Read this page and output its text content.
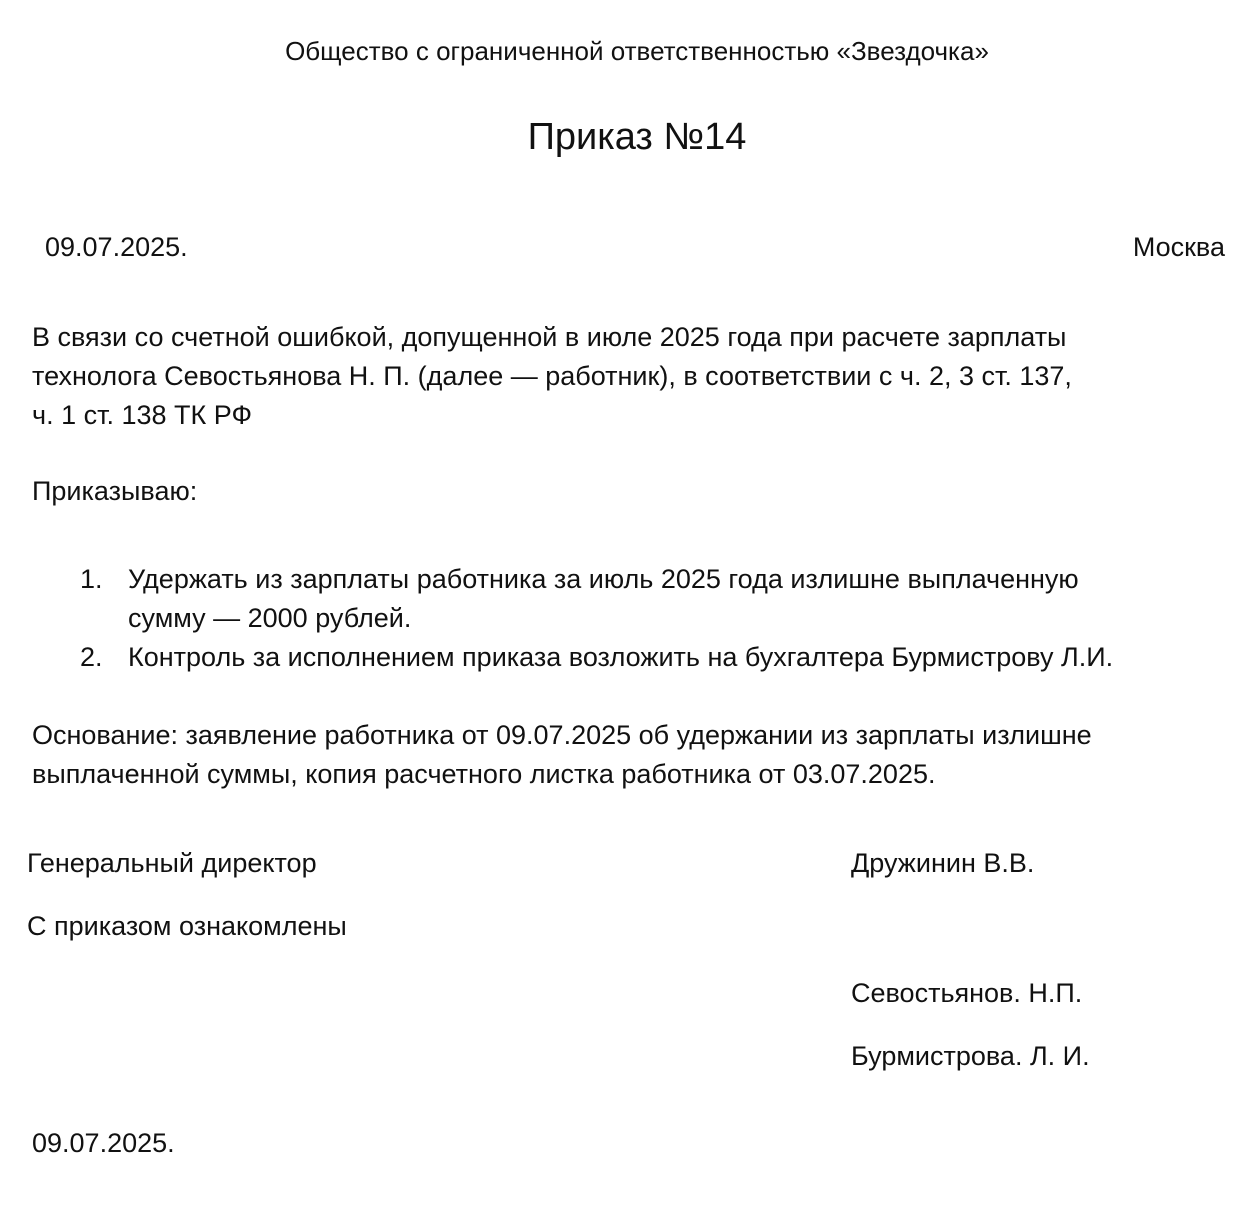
Общество с ограниченной ответственностью «Звездочка»
Приказ №14
09.07.2025.	Москва
В связи со счетной ошибкой, допущенной в июле 2025 года при расчете зарплаты
технолога Севостьянова Н. П. (далее — работник), в соответствии с ч. 2, 3 ст. 137,
ч. 1 ст. 138 ТК РФ
Приказываю:
1. Удержать из зарплаты работника за июль 2025 года излишне выплаченную
сумму — 2000 рублей.
2. Контроль за исполнением приказа возложить на бухгалтера Бурмистрову Л.И.
Основание: заявление работника от 09.07.2025 об удержании из зарплаты излишне
выплаченной суммы, копия расчетного листка работника от 03.07.2025.
Генеральный директор	Дружинин В.В.
С приказом ознакомлены
Севостьянов. Н.П.
Бурмистрова. Л. И.
09.07.2025.
